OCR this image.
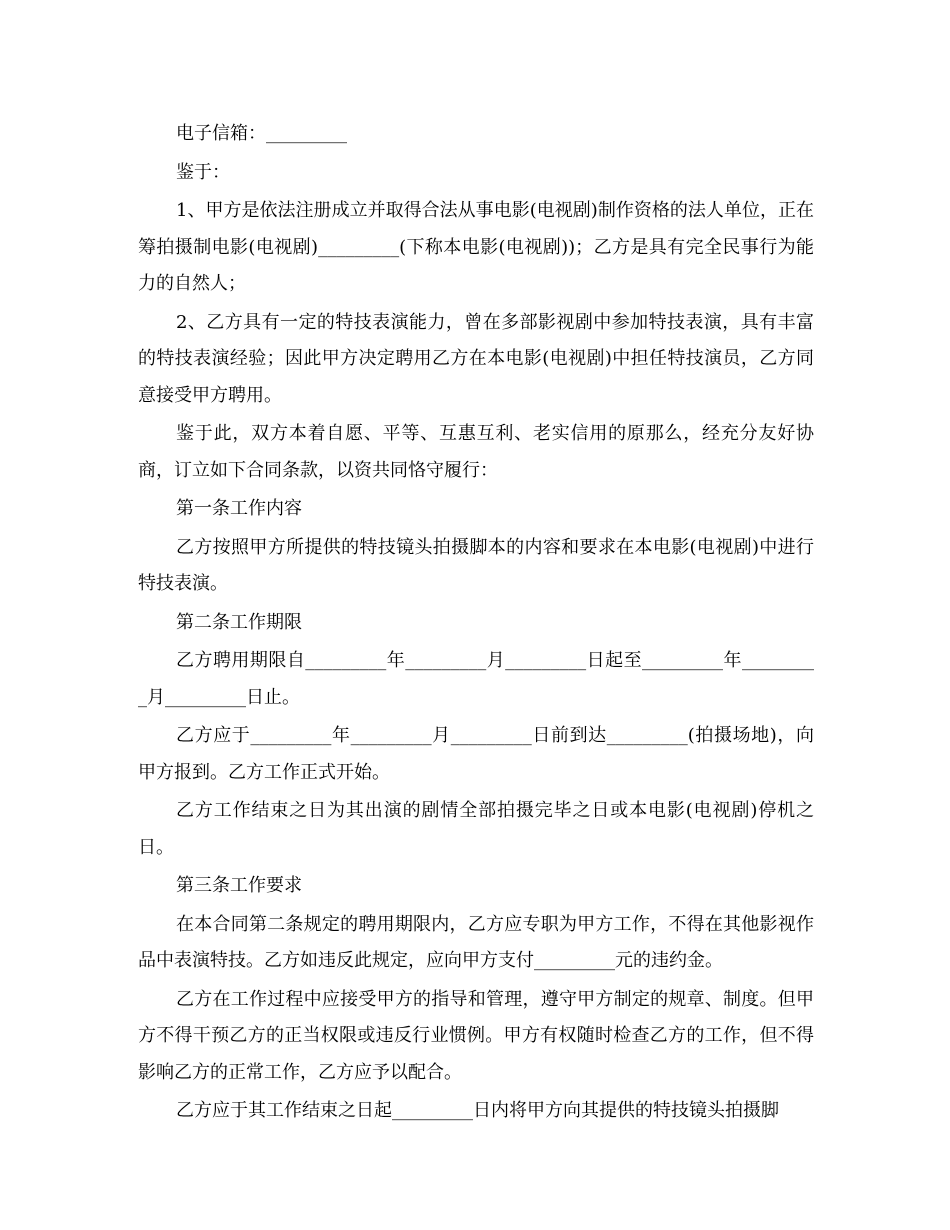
电子信箱：_________

鉴于：

1、甲方是依法注册成立并取得合法从事电影(电视剧)制作资格的法人单位，正在筹拍摄制电影(电视剧)_________(下称本电影(电视剧))；乙方是具有完全民事行为能力的自然人；

2、乙方具有一定的特技表演能力，曾在多部影视剧中参加特技表演，具有丰富的特技表演经验；因此甲方决定聘用乙方在本电影(电视剧)中担任特技演员，乙方同意接受甲方聘用。

鉴于此，双方本着自愿、平等、互惠互利、老实信用的原那么，经充分友好协商，订立如下合同条款，以资共同恪守履行：

第一条工作内容

乙方按照甲方所提供的特技镜头拍摄脚本的内容和要求在本电影(电视剧)中进行特技表演。

第二条工作期限

乙方聘用期限自_________年_________月_________日起至_________年_________月_________日止。

乙方应于_________年_________月_________日前到达_________(拍摄场地)，向甲方报到。乙方工作正式开始。

乙方工作结束之日为其出演的剧情全部拍摄完毕之日或本电影(电视剧)停机之日。

第三条工作要求

在本合同第二条规定的聘用期限内，乙方应专职为甲方工作，不得在其他影视作品中表演特技。乙方如违反此规定，应向甲方支付_________元的违约金。

乙方在工作过程中应接受甲方的指导和管理，遵守甲方制定的规章、制度。但甲方不得干预乙方的正当权限或违反行业惯例。甲方有权随时检查乙方的工作，但不得影响乙方的正常工作，乙方应予以配合。

乙方应于其工作结束之日起_________日内将甲方向其提供的特技镜头拍摄脚
